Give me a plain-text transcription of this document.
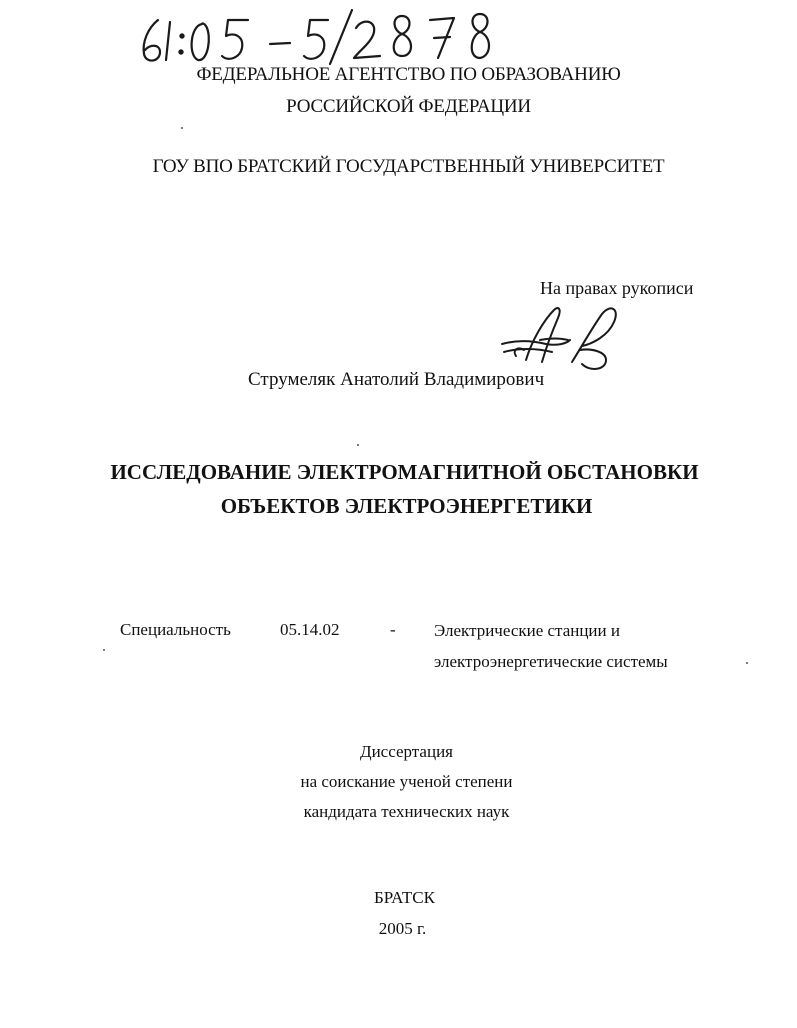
ФЕДЕРАЛЬНОЕ АГЕНТСТВО ПО ОБРАЗОВАНИЮ
РОССИЙСКОЙ ФЕДЕРАЦИИ
ГОУ ВПО БРАТСКИЙ ГОСУДАРСТВЕННЫЙ УНИВЕРСИТЕТ
На правах рукописи
Струмеляк Анатолий Владимирович
ИССЛЕДОВАНИЕ ЭЛЕКТРОМАГНИТНОЙ ОБСТАНОВКИ
ОБЪЕКТОВ ЭЛЕКТРОЭНЕРГЕТИКИ
Специальность	05.14.02	- Электрические станции и
электроэнергетические системы
Диссертация
на соискание ученой степени
кандидата технических наук
БРАТСК
2005 г.
